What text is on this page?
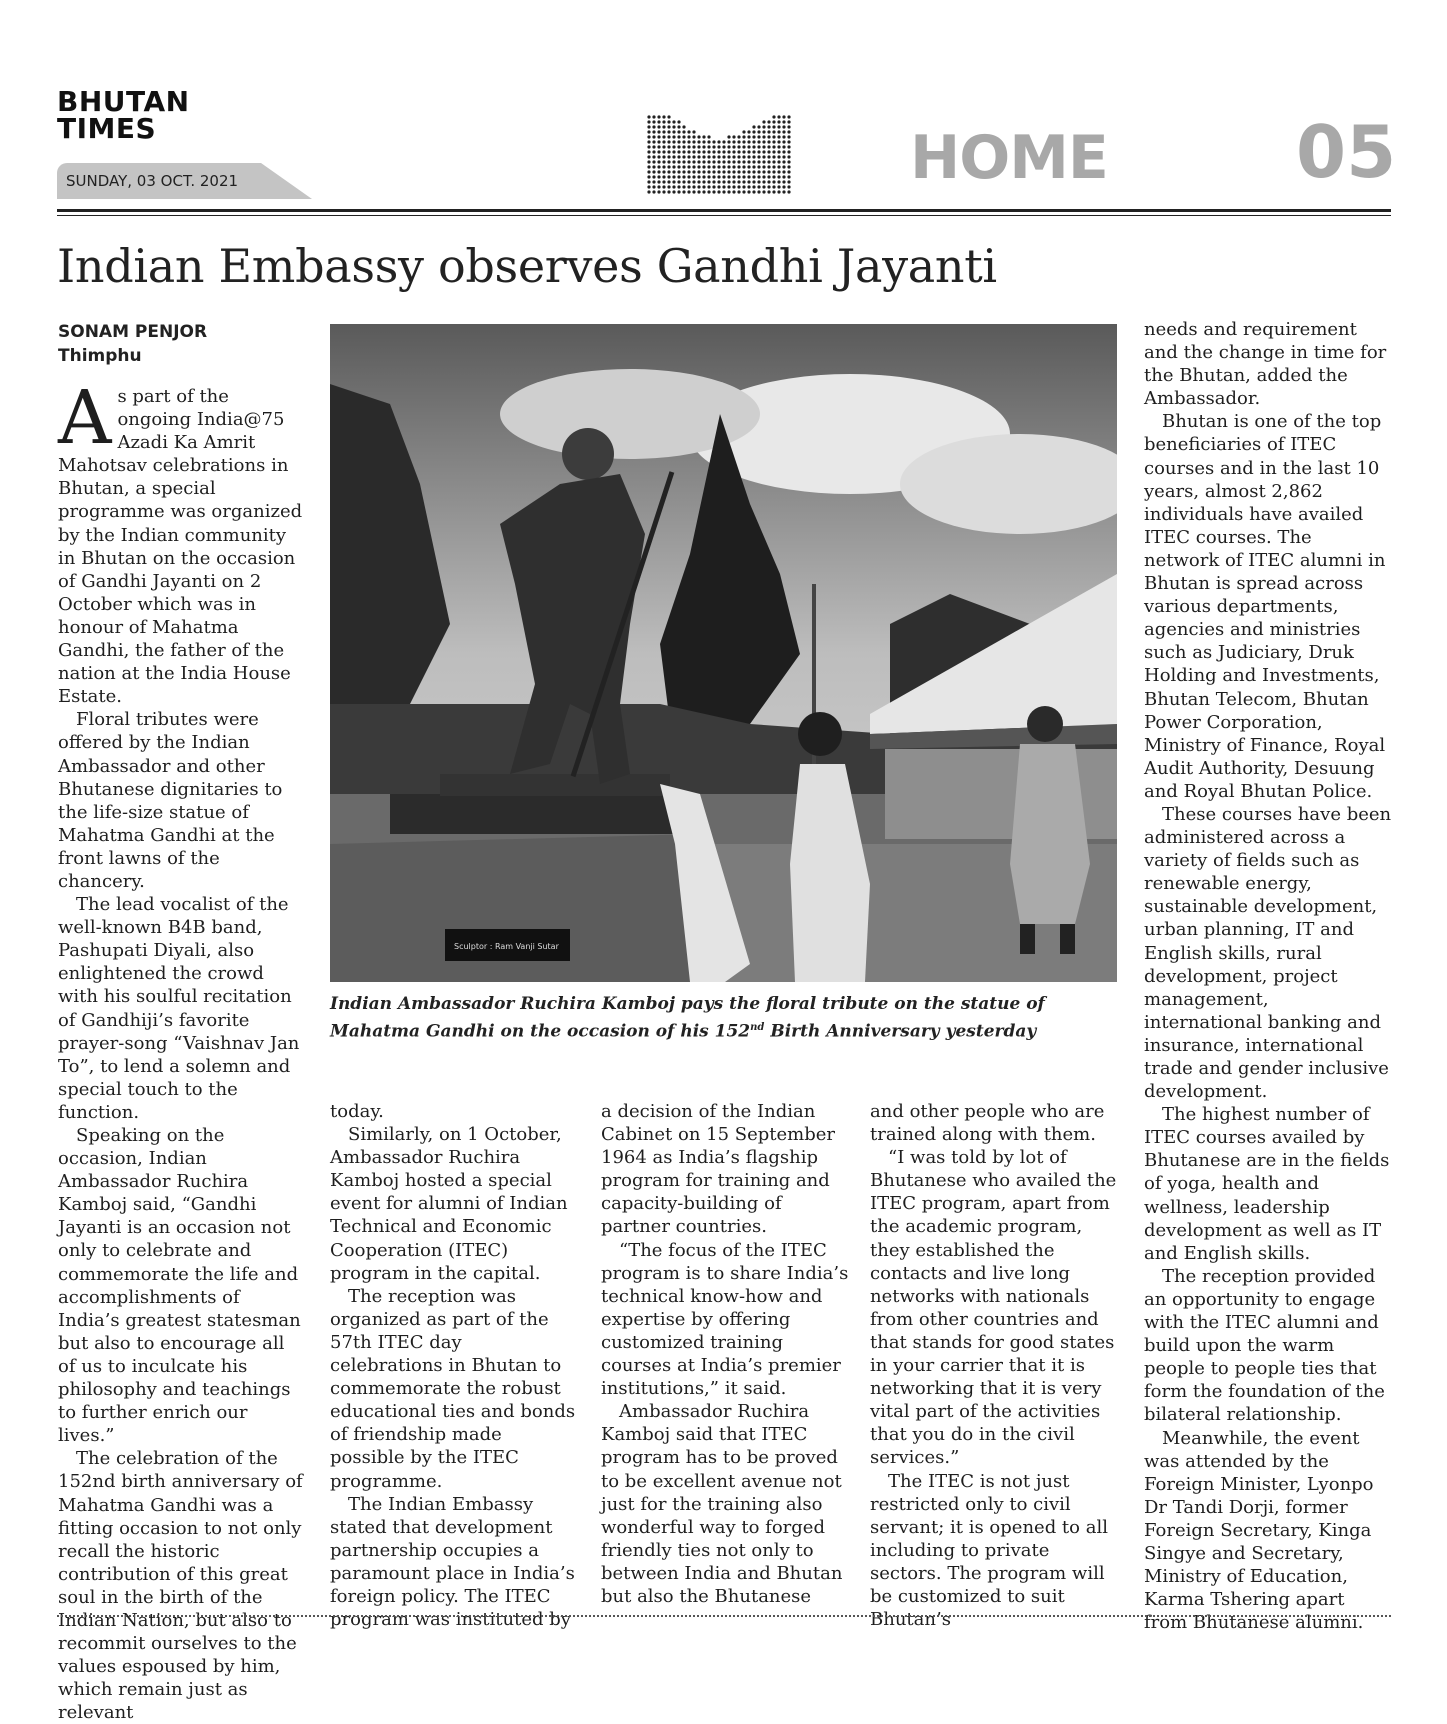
BHUTAN
TIMES
SUNDAY, 03 OCT. 2021	HOME	05
Indian Embassy observes Gandhi Jayanti
SONAM PENJOR
Thimphu
A s part of the ongoing India@75 Azadi Ka Amrit Mahotsav celebrations in Bhutan, a special programme was organized by the Indian community in Bhutan on the occasion of Gandhi Jayanti on 2 October which was in honour of Mahatma Gandhi, the father of the nation at the India House Estate.

Floral tributes were offered by the Indian Ambassador and other Bhutanese dignitaries to the life-size statue of Mahatma Gandhi at the front lawns of the chancery.

The lead vocalist of the well-known B4B band, Pashupati Diyali, also enlightened the crowd with his soulful recitation of Gandhiji’s favorite prayer-song “Vaishnav Jan To”, to lend a solemn and special touch to the function.

Speaking on the occasion, Indian Ambassador Ruchira Kamboj said, “Gandhi Jayanti is an occasion not only to celebrate and commemorate the life and accomplishments of India’s greatest statesman but also to encourage all of us to inculcate his philosophy and teachings to further enrich our lives.”

The celebration of the 152nd birth anniversary of Mahatma Gandhi was a fitting occasion to not only recall the historic contribution of this great soul in the birth of the Indian Nation, but also to recommit ourselves to the values espoused by him, which remain just as relevant

Sculptor : Ram Vanji Sutar
Indian Ambassador Ruchira Kamboj pays the floral tribute on the statue of Mahatma Gandhi on the occasion of his 152nd Birth Anniversary yesterday

today.

Similarly, on 1 October, Ambassador Ruchira Kamboj hosted a special event for alumni of Indian Technical and Economic Cooperation (ITEC) program in the capital.

The reception was organized as part of the 57th ITEC day celebrations in Bhutan to commemorate the robust educational ties and bonds of friendship made possible by the ITEC programme.

The Indian Embassy stated that development partnership occupies a paramount place in India’s foreign policy. The ITEC program was instituted by

a decision of the Indian Cabinet on 15 September 1964 as India’s flagship program for training and capacity-building of partner countries.

“The focus of the ITEC program is to share India’s technical know-how and expertise by offering customized training courses at India’s premier institutions,” it said.

Ambassador Ruchira Kamboj said that ITEC program has to be proved to be excellent avenue not just for the training also wonderful way to forged friendly ties not only to between India and Bhutan but also the Bhutanese

and other people who are trained along with them.

“I was told by lot of Bhutanese who availed the ITEC program, apart from the academic program, they established the contacts and live long networks with nationals from other countries and that stands for good states in your carrier that it is networking that it is very vital part of the activities that you do in the civil services.”

The ITEC is not just restricted only to civil servant; it is opened to all including to private sectors. The program will be customized to suit Bhutan’s

needs and requirement and the change in time for the Bhutan, added the Ambassador.

Bhutan is one of the top beneficiaries of ITEC courses and in the last 10 years, almost 2,862 individuals have availed ITEC courses. The network of ITEC alumni in Bhutan is spread across various departments, agencies and ministries such as Judiciary, Druk Holding and Investments, Bhutan Telecom, Bhutan Power Corporation, Ministry of Finance, Royal Audit Authority, Desuung and Royal Bhutan Police.

These courses have been administered across a variety of fields such as renewable energy, sustainable development, urban planning, IT and English skills, rural development, project management, international banking and insurance, international trade and gender inclusive development.

The highest number of ITEC courses availed by Bhutanese are in the fields of yoga, health and wellness, leadership development as well as IT and English skills.

The reception provided an opportunity to engage with the ITEC alumni and build upon the warm people to people ties that form the foundation of the bilateral relationship.

Meanwhile, the event was attended by the Foreign Minister, Lyonpo Dr Tandi Dorji, former Foreign Secretary, Kinga Singye and Secretary, Ministry of Education, Karma Tshering apart from Bhutanese alumni.
